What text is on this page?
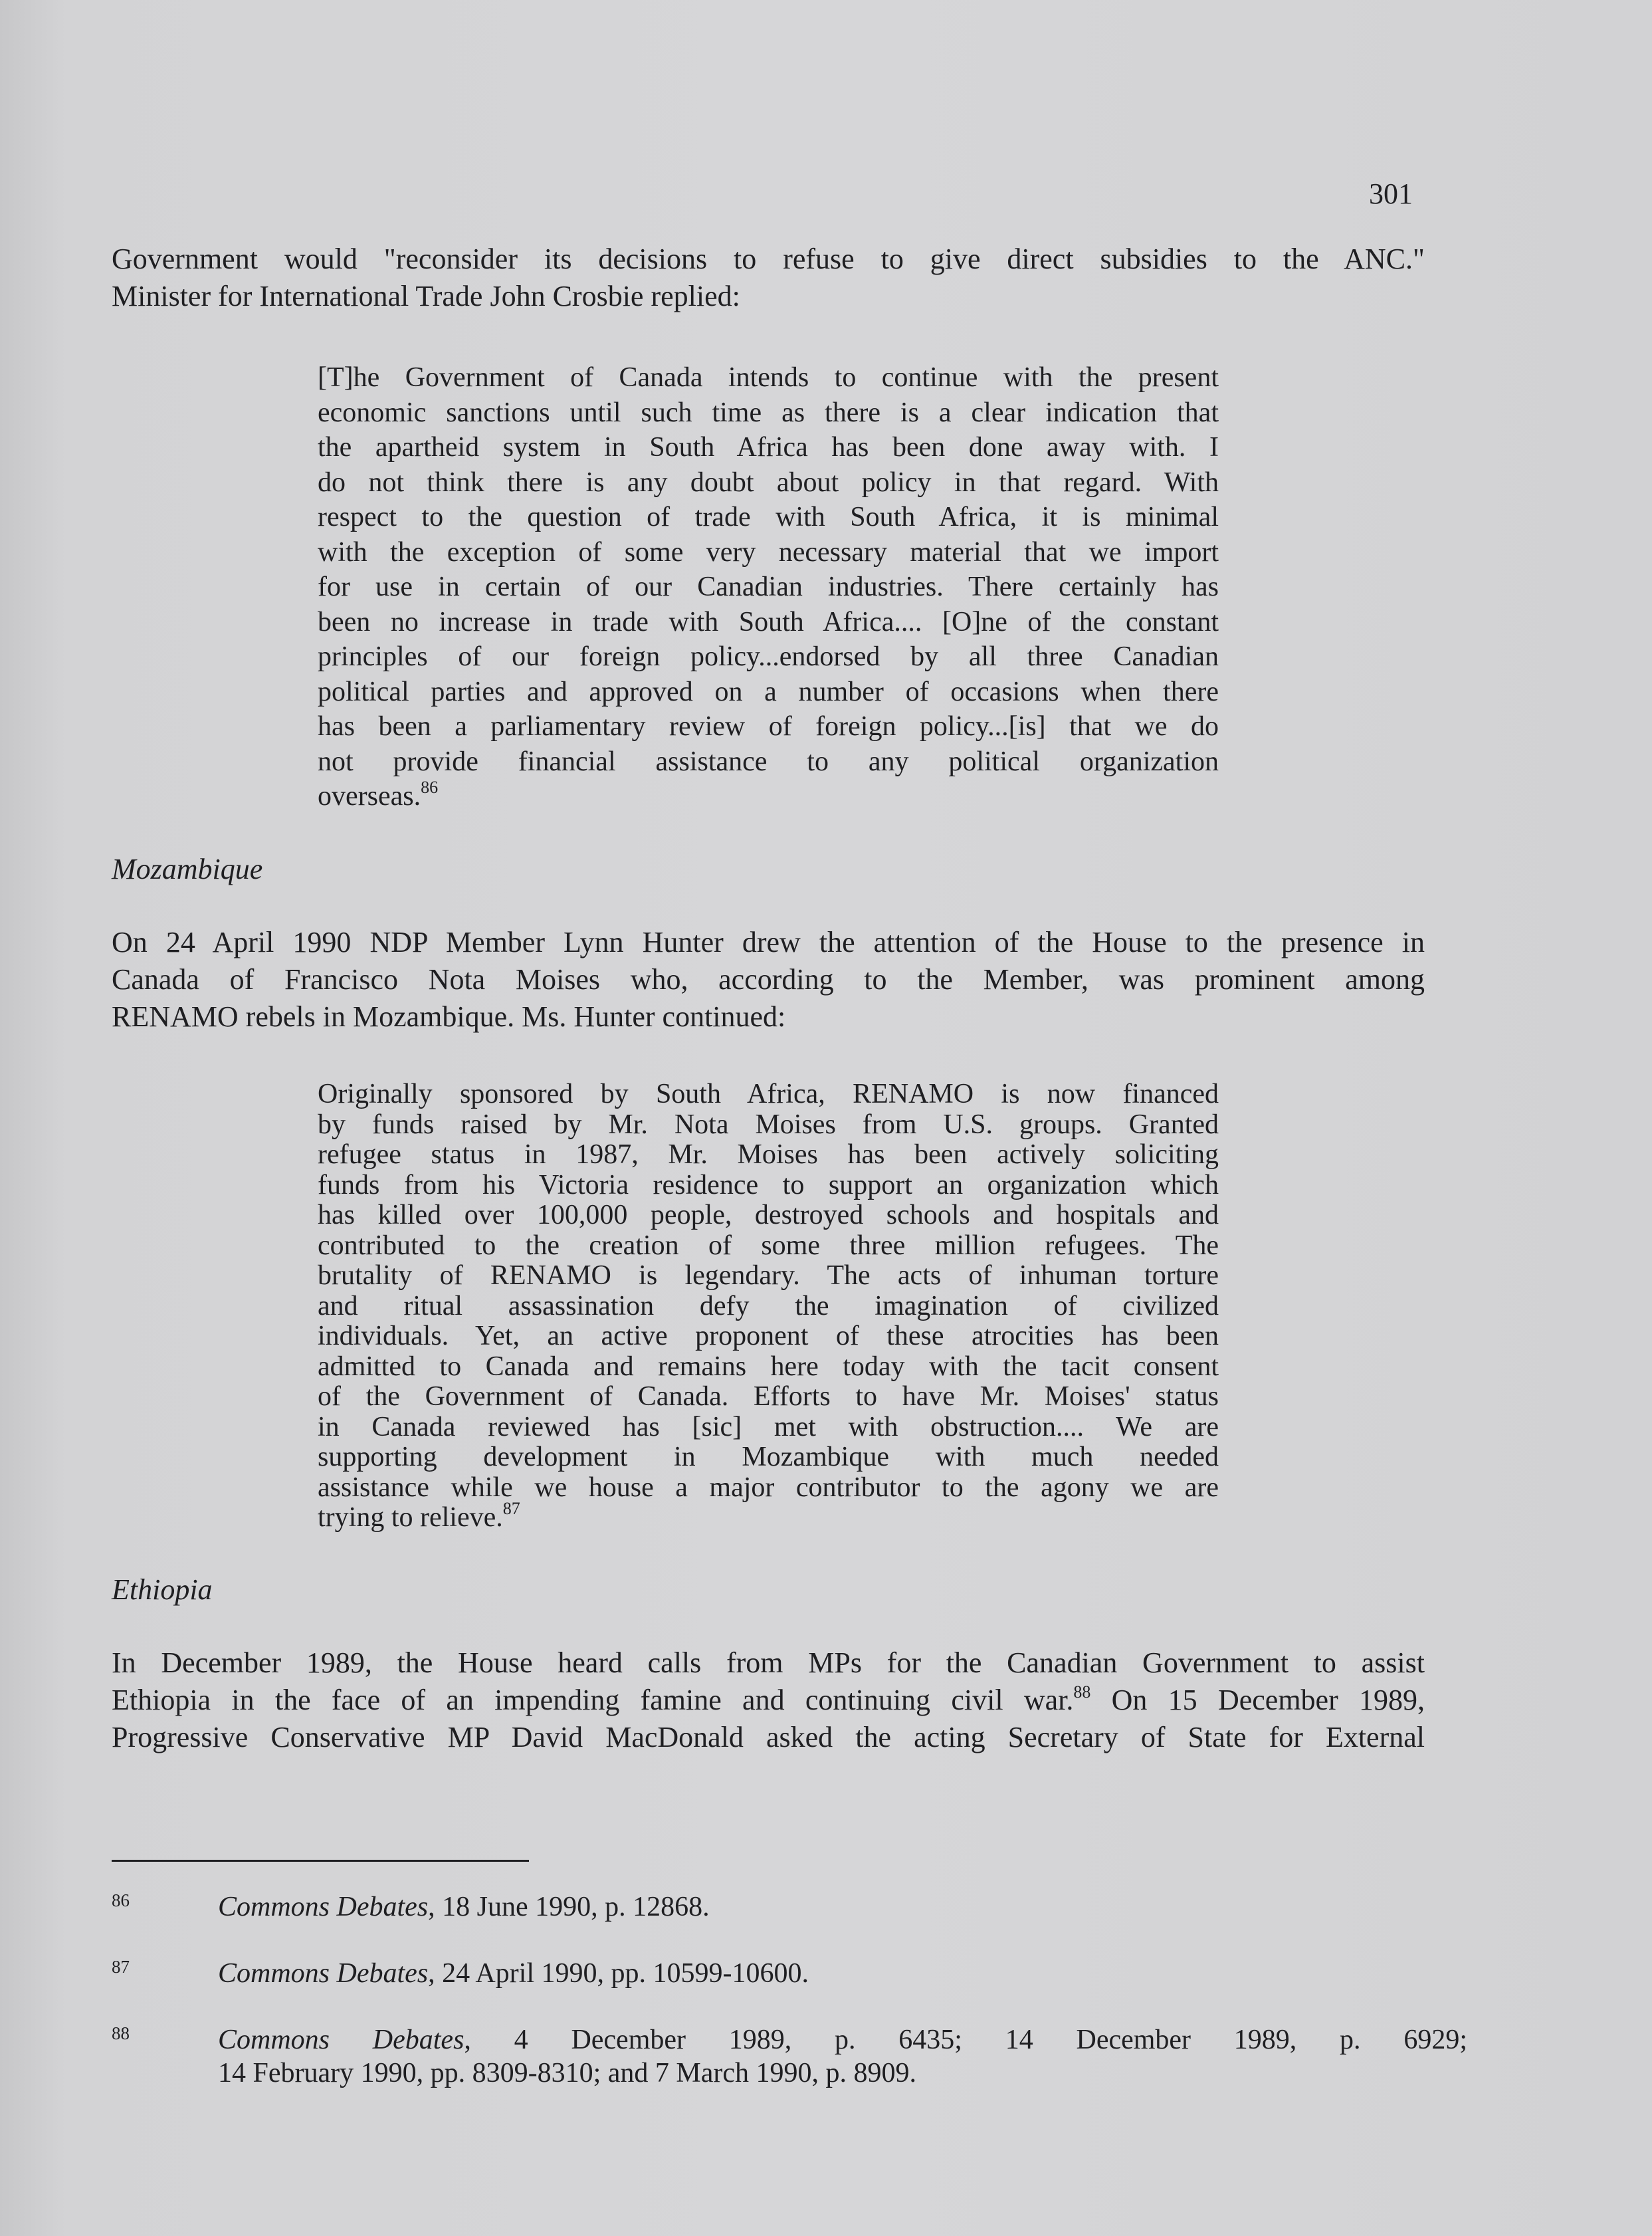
301

Government would "reconsider its decisions to refuse to give direct subsidies to the ANC."
Minister for International Trade John Crosbie replied:

[T]he Government of Canada intends to continue with the present
economic sanctions until such time as there is a clear indication that
the apartheid system in South Africa has been done away with. I
do not think there is any doubt about policy in that regard. With
respect to the question of trade with South Africa, it is minimal
with the exception of some very necessary material that we import
for use in certain of our Canadian industries. There certainly has
been no increase in trade with South Africa.... [O]ne of the constant
principles of our foreign policy...endorsed by all three Canadian
political parties and approved on a number of occasions when there
has been a parliamentary review of foreign policy...[is] that we do
not provide financial assistance to any political organization
overseas.$^{86}$

Mozambique

On 24 April 1990 NDP Member Lynn Hunter drew the attention of the House to the presence in
Canada of Francisco Nota Moises who, according to the Member, was prominent among
RENAMO rebels in Mozambique. Ms. Hunter continued:

Originally sponsored by South Africa, RENAMO is now financed
by funds raised by Mr. Nota Moises from U.S. groups. Granted
refugee status in 1987, Mr. Moises has been actively soliciting
funds from his Victoria residence to support an organization which
has killed over 100,000 people, destroyed schools and hospitals and
contributed to the creation of some three million refugees. The
brutality of RENAMO is legendary. The acts of inhuman torture
and ritual assassination defy the imagination of civilized
individuals. Yet, an active proponent of these atrocities has been
admitted to Canada and remains here today with the tacit consent
of the Government of Canada. Efforts to have Mr. Moises' status
in Canada reviewed has [sic] met with obstruction.... We are
supporting development in Mozambique with much needed
assistance while we house a major contributor to the agony we are
trying to relieve.$^{87}$

Ethiopia

In December 1989, the House heard calls from MPs for the Canadian Government to assist
Ethiopia in the face of an impending famine and continuing civil war.$^{88}$ On 15 December 1989,
Progressive Conservative MP David MacDonald asked the acting Secretary of State for External

86	Commons Debates, 18 June 1990, p. 12868.
87	Commons Debates, 24 April 1990, pp. 10599-10600.
88	Commons Debates, 4 December 1989, p. 6435; 14 December 1989, p. 6929;
14 February 1990, pp. 8309-8310; and 7 March 1990, p. 8909.
